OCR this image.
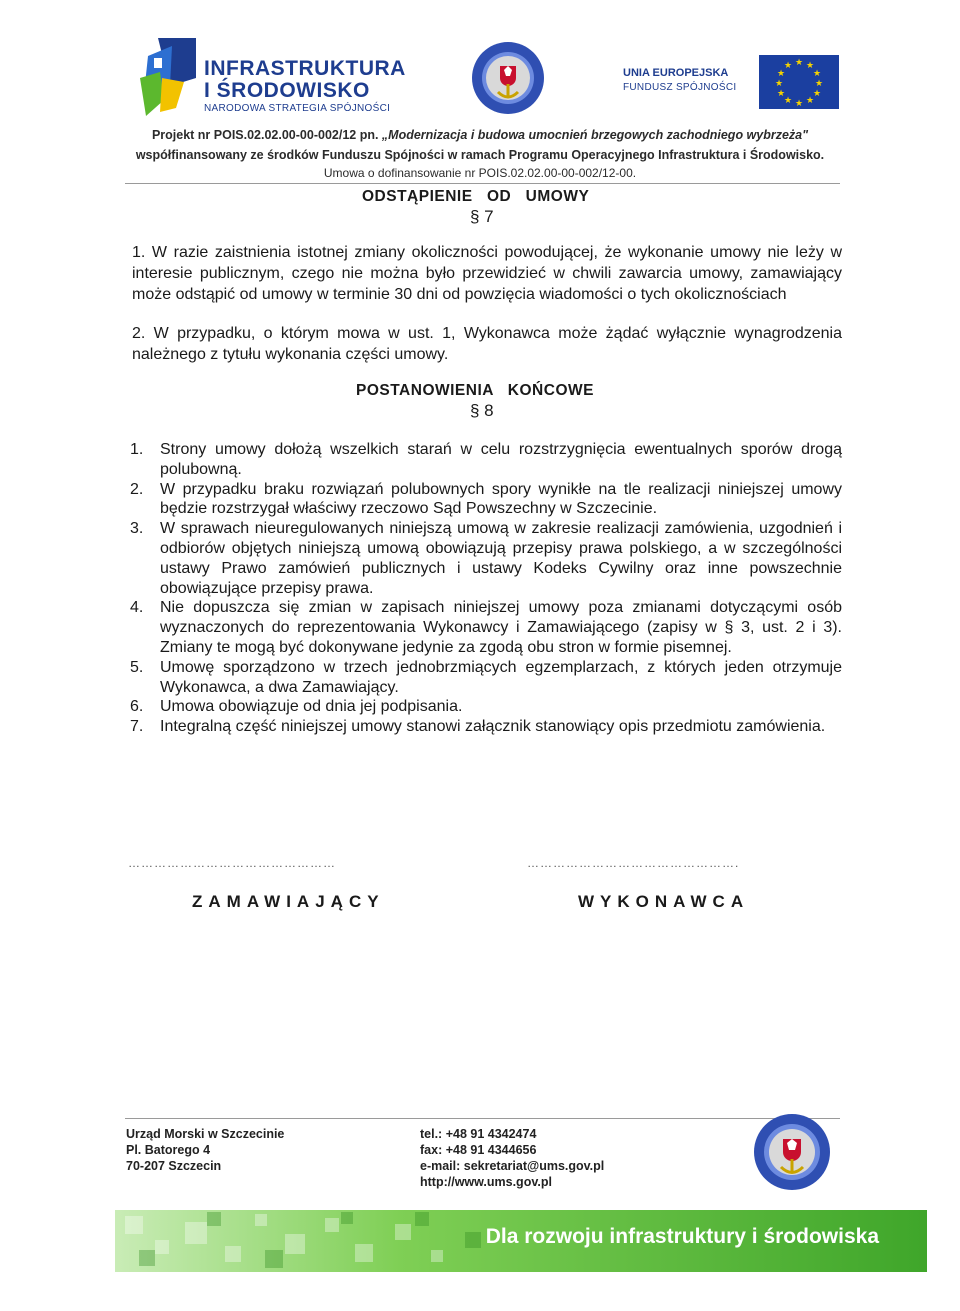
INFRASTRUKTURA
I ŚRODOWISKO
NARODOWA STRATEGIA SPÓJNOŚCI
UNIA EUROPEJSKA
FUNDUSZ SPÓJNOŚCI
★ ★
★
★
★
★
★
★
★
★
★
★
Projekt nr POIS.02.02.00-00-002/12 pn. „Modernizacja i budowa umocnień brzegowych zachodniego wybrzeża"
współfinansowany ze środków Funduszu Spójności w ramach Programu Operacyjnego Infrastruktura i Środowisko.
Umowa o dofinansowanie nr POIS.02.02.00-00-002/12-00.
ODSTĄPIENIE   OD   UMOWY
§ 7

1. W razie zaistnienia istotnej zmiany okoliczności powodującej, że wykonanie umowy nie leży w interesie publicznym, czego nie można było przewidzieć w chwili zawarcia umowy, zamawiający może odstąpić od umowy w terminie 30 dni od powzięcia wiadomości o tych okolicznościach

2. W przypadku, o którym mowa w ust. 1, Wykonawca może żądać wyłącznie wynagrodzenia należnego z tytułu wykonania części umowy.

POSTANOWIENIA   KOŃCOWE
§ 8
1. Strony umowy dołożą wszelkich starań w celu rozstrzygnięcia ewentualnych sporów drogą polubowną.
2. W przypadku braku rozwiązań polubownych spory wynikłe na tle realizacji niniejszej umowy będzie rozstrzygał właściwy rzeczowo Sąd Powszechny w Szczecinie.
3. W sprawach nieuregulowanych niniejszą umową w zakresie realizacji zamówienia, uzgodnień i odbiorów objętych niniejszą umową obowiązują przepisy prawa polskiego, a w szczególności ustawy Prawo zamówień publicznych i ustawy Kodeks Cywilny oraz inne powszechnie obowiązujące przepisy prawa.
4. Nie dopuszcza się zmian w zapisach niniejszej umowy poza zmianami dotyczącymi osób wyznaczonych do reprezentowania Wykonawcy i Zamawiającego (zapisy w § 3, ust. 2 i 3). Zmiany te mogą być dokonywane jedynie za zgodą obu stron w formie pisemnej.
5. Umowę sporządzono w trzech jednobrzmiących egzemplarzach, z których jeden otrzymuje Wykonawca, a dwa Zamawiający.
6. Umowa obowiązuje od dnia jej podpisania.
7. Integralną część niniejszej umowy stanowi załącznik stanowiący opis przedmiotu zamówienia.
…………………………………………	………………………………………….
ZAMAWIAJĄCY	WYKONAWCA
Urząd Morski w Szczecinie
Pl. Batorego 4
70-207 Szczecin
tel.: +48 91 4342474
fax: +48 91 4344656
e-mail: sekretariat@ums.gov.pl
http://www.ums.gov.pl
Dla rozwoju infrastruktury i środowiska
